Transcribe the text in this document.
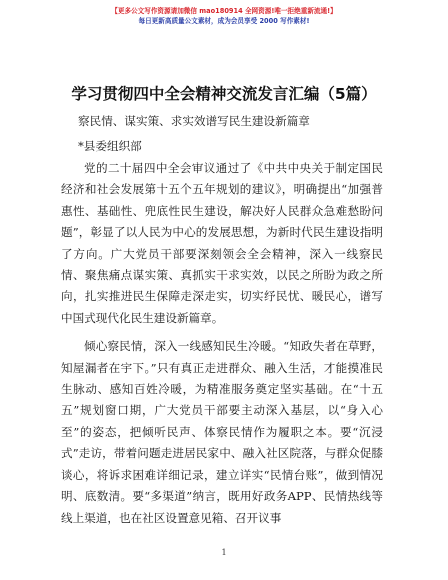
【更多公文写作资源请加微信 mao180914 全网资源!唯一拒绝重新流通!】
每日更新高质量公文素材，成为会员享受 2000 写作素材!
学习贯彻四中全会精神交流发言汇编（5篇）
察民情、谋实策、求实效谱写民生建设新篇章
*县委组织部

党的二十届四中全会审议通过了《中共中央关于制定国民经济和社会发展第十五个五年规划的建议》，明确提出“加强普惠性、基础性、兜底性民生建设，解决好人民群众急难愁盼问题”，彰显了以人民为中心的发展思想，为新时代民生建设指明了方向。广大党员干部要深刻领会全会精神，深入一线察民情、聚焦痛点谋实策、真抓实干求实效，以民之所盼为政之所向，扎实推进民生保障走深走实，切实纾民忧、暖民心，谱写中国式现代化民生建设新篇章。

倾心察民情，深入一线感知民生冷暖。“知政失者在草野，知屋漏者在宇下。”只有真正走进群众、融入生活，才能摸准民生脉动、感知百姓冷暖，为精准服务奠定坚实基础。在“十五五”规划窗口期，广大党员干部要主动深入基层，以“身入心至”的姿态，把倾听民声、体察民情作为履职之本。要“沉浸式”走访，带着问题走进居民家中、融入社区院落，与群众促膝谈心，将诉求困难详细记录，建立详实“民情台账”，做到情况明、底数清。要“多渠道”纳言，既用好政务APP、民情热线等线上渠道，也在社区设置意见箱、召开议事

1
